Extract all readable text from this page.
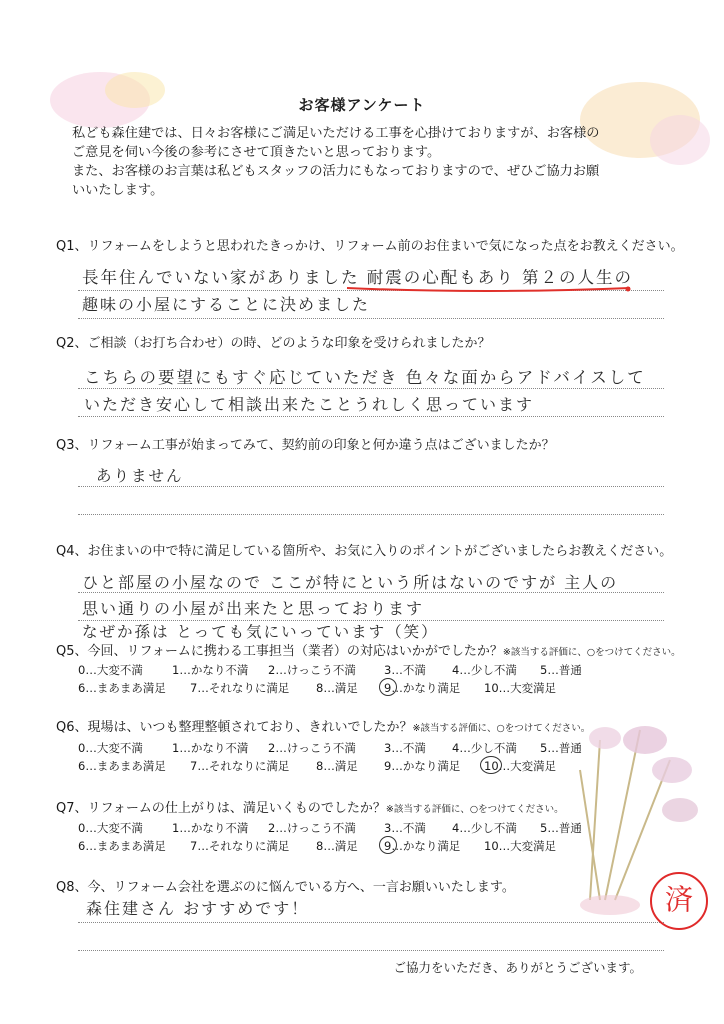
お客様アンケート
私ども森住建では、日々お客様にご満足いただける工事を心掛けておりますが、お客様の
ご意見を伺い今後の参考にさせて頂きたいと思っております。
また、お客様のお言葉は私どもスタッフの活力にもなっておりますので、ぜひご協力お願
いいたします。
Q1、リフォームをしようと思われたきっかけ、リフォーム前のお住まいで気になった点をお教えください。
長年住んでいない家がありました 耐震の心配もあり 第２の人生の
趣味の小屋にすることに決めました
Q2、ご相談（お打ち合わせ）の時、どのような印象を受けられましたか？
こちらの要望にもすぐ応じていただき 色々な面からアドバイスして
いただき安心して相談出来たことうれしく思っています
Q3、リフォーム工事が始まってみて、契約前の印象と何か違う点はございましたか？
ありません
Q4、お住まいの中で特に満足している箇所や、お気に入りのポイントがございましたらお教えください。
ひと部屋の小屋なので ここが特にという所はないのですが 主人の
思い通りの小屋が出来たと思っております
なぜか孫は とっても気にいっています（笑）
Q5、今回、リフォームに携わる工事担当（業者）の対応はいかがでしたか？※該当する評価に、○をつけてください。
0…大変不満	1…かなり不満 2…けっこう不満 3…不満 4…少し不満 5…普通
6…まあまあ満足 7…それなりに満足 8…満足 9…かなり満足 10…大変満足
Q6、現場は、いつも整理整頓されており、きれいでしたか？※該当する評価に、○をつけてください。
0…大変不満	1…かなり不満 2…けっこう不満 3…不満 4…少し不満 5…普通
6…まあまあ満足 7…それなりに満足 8…満足 9…かなり満足 10…大変満足
Q7、リフォームの仕上がりは、満足いくものでしたか？※該当する評価に、○をつけてください。
0…大変不満	1…かなり不満 2…けっこう不満 3…不満 4…少し不満 5…普通
6…まあまあ満足 7…それなりに満足 8…満足 9…かなり満足 10…大変満足
Q8、今、リフォーム会社を選ぶのに悩んでいる方へ、一言お願いいたします。
森住建さん おすすめです！
ご協力をいただき、ありがとうございます。
済
